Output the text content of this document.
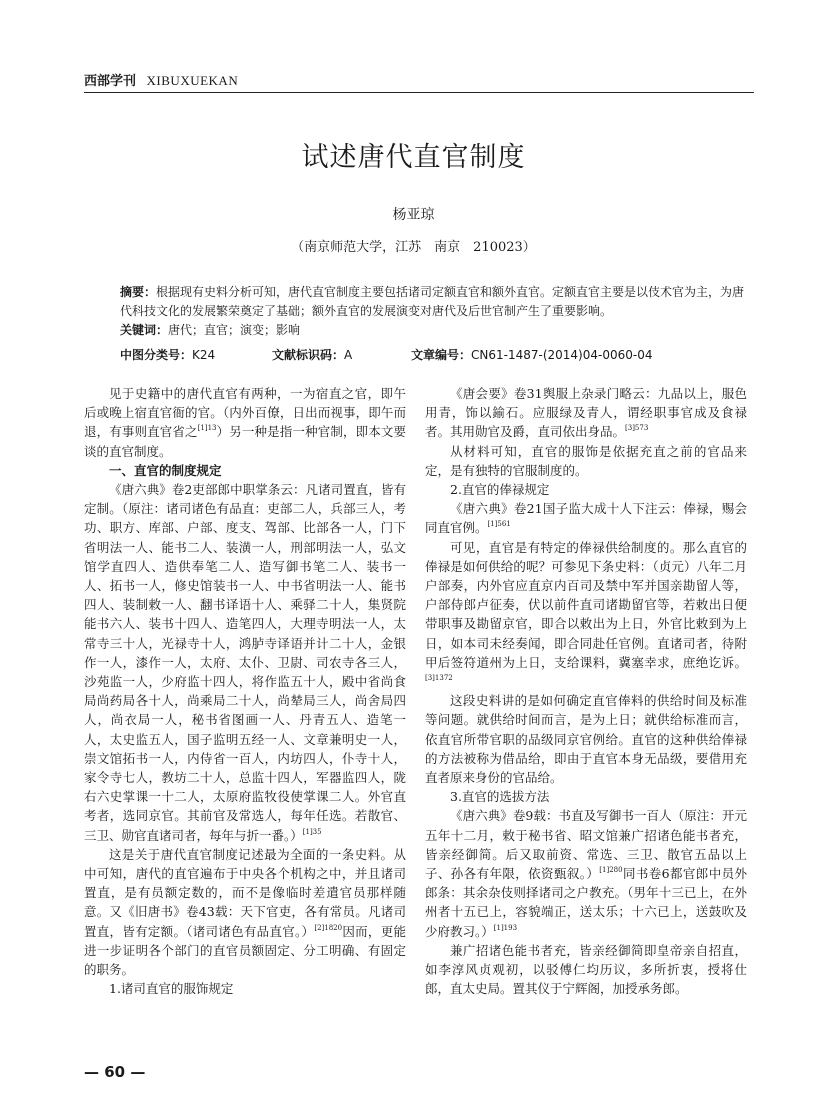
西部学刊 XIBUXUEKAN
试述唐代直官制度
杨亚琼
（南京师范大学，江苏　南京　210023）
摘要：根据现有史料分析可知，唐代直官制度主要包括诸司定额直官和额外直官。定额直官主要是以伎术官为主，为唐代科技文化的发展繁荣奠定了基础；额外直官的发展演变对唐代及后世官制产生了重要影响。
关键词：唐代；直官；演变；影响
中图分类号：K24	文献标识码：A	文章编号：CN61-1487-(2014)04-0060-04

见于史籍中的唐代直官有两种，一为宿直之官，即午后或晚上宿直官衙的官。（内外百僚，日出而视事，即午而退，有事则直官省之$^{[1]13}$）另一种是指一种官制，即本文要谈的直官制度。

一、直官的制度规定

《唐六典》卷2吏部郎中职掌条云：凡诸司置直，皆有定制。（原注：诸司诸色有品直：吏部二人，兵部三人，考功、职方、库部、户部、度支、驾部、比部各一人，门下省明法一人、能书二人、装潢一人，刑部明法一人，弘文馆学直四人、造供奉笔二人、造写御书笔二人、装书一人、拓书一人，修史馆装书一人、中书省明法一人、能书四人、装制敕一人、翻书译语十人、乘驿二十人，集贤院能书六人、装书十四人、造笔四人，大理寺明法一人，太常寺三十人，光禄寺十人，鸿胪寺译语并计二十人，金银作一人，漆作一人，太府、太仆、卫尉、司农寺各三人，沙苑监一人，少府监十四人，将作监五十人，殿中省尚食局尚药局各十人，尚乘局二十人，尚辇局三人，尚舍局四人，尚衣局一人，秘书省图画一人、丹青五人、造笔一人，太史监五人，国子监明五经一人、文章兼明史一人，崇文馆拓书一人，内侍省一百人，内坊四人，仆寺十人，家令寺七人，教坊二十人，总监十四人，军器监四人，陇右六史掌课一十二人，太原府监牧役使掌课二人。外官直考者，选同京官。其前官及常选人，每年任选。若散官、三卫、勋官直诸司者，每年与折一番。）$^{[1]35}$

这是关于唐代直官制度记述最为全面的一条史料。从中可知，唐代的直官遍布于中央各个机构之中，并且诸司置直，是有员额定数的，而不是像临时差遣官员那样随意。又《旧唐书》卷43载：天下官吏，各有常员。凡诸司置直，皆有定额。（诸司诸色有品直官。）$^{[2]1820}$因而，更能进一步证明各个部门的直官员额固定、分工明确、有固定的职务。

1.诸司直官的服饰规定

《唐会要》卷31舆服上杂录门略云：九品以上，服色用青，饰以鍮石。应服绿及青人，谓经职事官成及食禄者。其用勋官及爵，直司依出身品。$^{[3]573}$

从材料可知，直官的服饰是依据充直之前的官品来定，是有独特的官服制度的。

2.直官的俸禄规定

《唐六典》卷21国子监大成十人下注云：俸禄，赐会同直官例。$^{[1]561}$

可见，直官是有特定的俸禄供给制度的。那么直官的俸禄是如何供给的呢？可参见下条史料：（贞元）八年二月户部奏，内外官应直京内百司及禁中军并国亲勘留人等，户部侍郎卢征奏，伏以前件直司诸勘留官等，若敕出日便带职事及勘留京官，即合以敕出为上日，外官比敕到为上日，如本司未经奏闻，即合同赴任官例。直诸司者，待附甲后签符道州为上日，支给课料，冀塞幸求，庶绝讫诉。$^{[3]1372}$

这段史料讲的是如何确定直官俸料的供给时间及标准等问题。就供给时间而言，是为上日；就供给标准而言，依直官所带官职的品级同京官例给。直官的这种供给俸禄的方法被称为借品给，即由于直官本身无品级，要借用充直者原来身份的官品给。

3.直官的选拔方法

《唐六典》卷9载：书直及写御书一百人（原注：开元五年十二月，敕于秘书省、昭文馆兼广招诸色能书者充，皆亲经御简。后又取前资、常选、三卫、散官五品以上子、孙各有年限，依资甄叙。）$^{[1]280}$同书卷6都官郎中员外郎条：其余杂伎则择诸司之户教充。（男年十三已上，在外州者十五已上，容貌端正，送太乐；十六已上，送鼓吹及少府教习。）$^{[1]193}$

兼广招诸色能书者充，皆亲经御简即皇帝亲自招直，如李淳风贞观初，以驳傅仁均历议，多所折衷，授将仕郎，直太史局。置其仪于宁辉阁，加授承务郎。

— 60 —
